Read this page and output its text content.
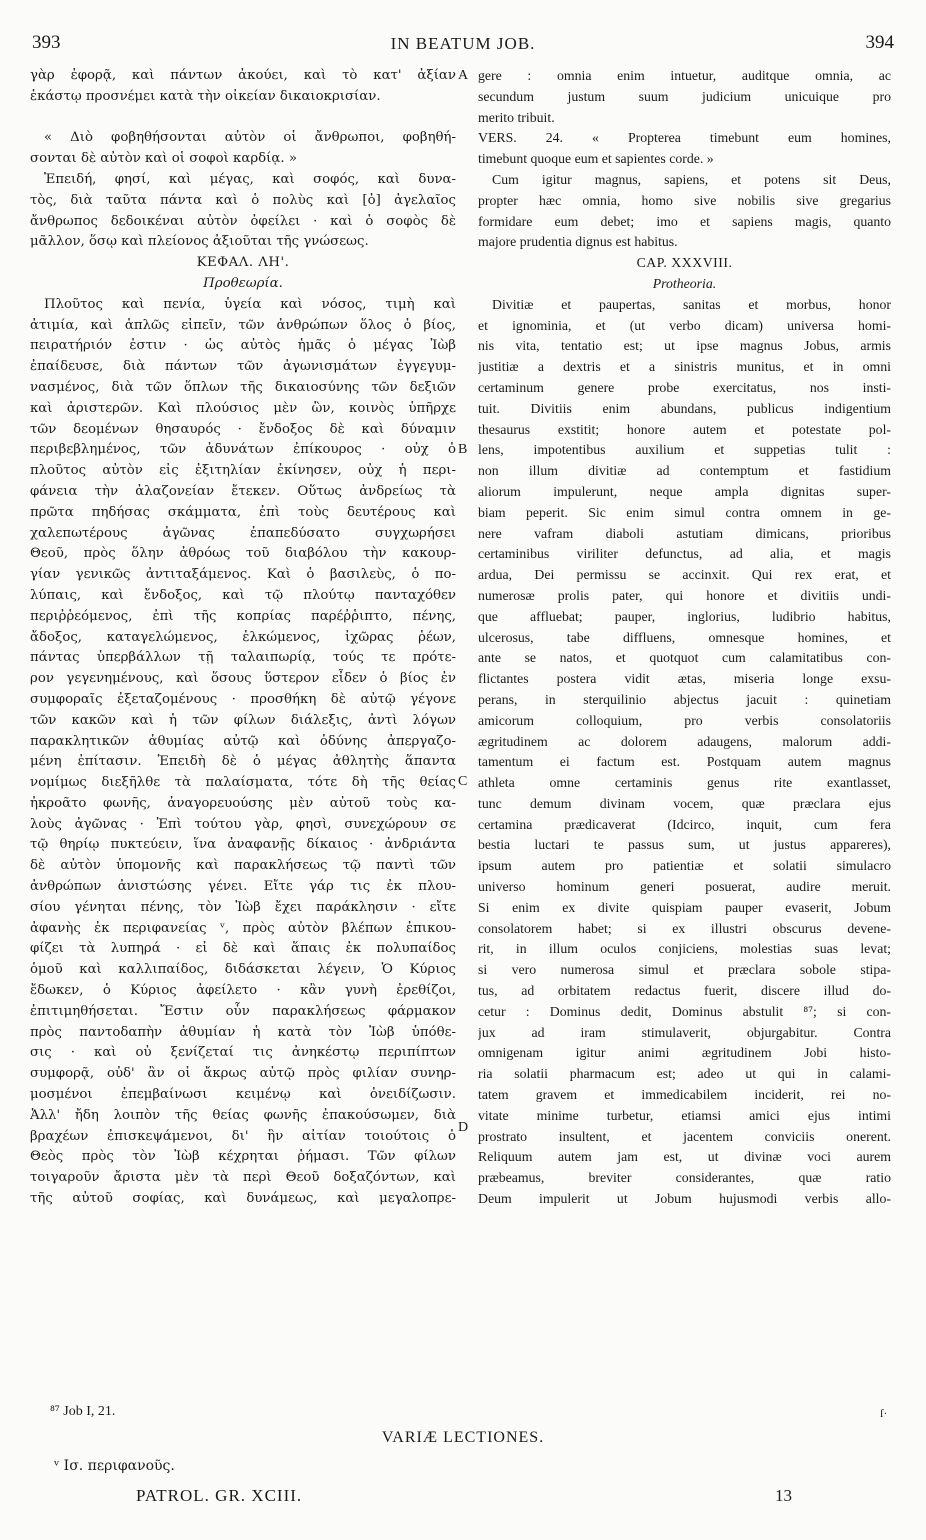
393	IN BEATUM JOB.	394
γὰρ ἐφορᾷ, καὶ πάντων ἀκούει, καὶ τὸ κατ' ἀξίαν
ἑκάστῳ προσνέμει κατὰ τὴν οἰκείαν δικαιοκρισίαν.
« Διὸ φοβηθήσονται αὐτὸν οἱ ἄνθρωποι, φοβηθή-
σονται δὲ αὐτὸν καὶ οἱ σοφοὶ καρδίᾳ. »
Ἐπειδή, φησί, καὶ μέγας, καὶ σοφός, καὶ δυνα-
τὸς, διὰ ταῦτα πάντα καὶ ὁ πολὺς καὶ [ὁ] ἀγελαῖος
ἄνθρωπος δεδοικέναι αὐτὸν ὀφείλει · καὶ ὁ σοφὸς δὲ
μᾶλλον, ὅσῳ καὶ πλείονος ἀξιοῦται τῆς γνώσεως.
ΚΕΦΑΛ. ΛΗ'.
Προθεωρία.
Πλοῦτος καὶ πενία, ὑγεία καὶ νόσος, τιμὴ καὶ
ἀτιμία, καὶ ἁπλῶς εἰπεῖν, τῶν ἀνθρώπων ὅλος ὁ βίος,
πειρατήριόν ἐστιν · ὡς αὐτὸς ἡμᾶς ὁ μέγας Ἰὼβ
ἐπαίδευσε, διὰ πάντων τῶν ἀγωνισμάτων ἐγγεγυμ-
νασμένος, διὰ τῶν ὅπλων τῆς δικαιοσύνης τῶν δεξιῶν
καὶ ἀριστερῶν. Καὶ πλούσιος μὲν ὢν, κοινὸς ὑπῆρχε
τῶν δεομένων θησαυρός · ἔνδοξος δὲ καὶ δύναμιν
περιβεβλημένος, τῶν ἀδυνάτων ἐπίκουρος · οὐχ ὁ
πλοῦτος αὐτὸν εἰς ἐξιτηλίαν ἐκίνησεν, οὐχ ἡ περι-
φάνεια τὴν ἀλαζονείαν ἔτεκεν. Οὕτως ἀνδρείως τὰ
πρῶτα πηδήσας σκάμματα, ἐπὶ τοὺς δευτέρους καὶ
χαλεπωτέρους ἀγῶνας ἐπαπεδύσατο συγχωρήσει
Θεοῦ, πρὸς ὅλην ἀθρόως τοῦ διαβόλου τὴν κακουρ-
γίαν γενικῶς ἀντιταξάμενος. Καὶ ὁ βασιλεὺς, ὁ πο-
λύπαις, καὶ ἔνδοξος, καὶ τῷ πλούτῳ πανταχόθεν
περιῤῥεόμενος, ἐπὶ τῆς κοπρίας παρέῤῥιπτο, πένης,
ἄδοξος, καταγελώμενος, ἑλκώμενος, ἰχῶρας ῥέων,
πάντας ὑπερβάλλων τῇ ταλαιπωρίᾳ, τούς τε πρότε-
ρον γεγενημένους, καὶ ὅσους ὕστερον εἶδεν ὁ βίος ἐν
συμφοραῖς ἐξεταζομένους · προσθήκη δὲ αὐτῷ γέγονε
τῶν κακῶν καὶ ἡ τῶν φίλων διάλεξις, ἀντὶ λόγων
παρακλητικῶν ἀθυμίας αὐτῷ καὶ ὀδύνης ἀπεργαζο-
μένη ἐπίτασιν. Ἐπειδὴ δὲ ὁ μέγας ἀθλητὴς ἅπαντα
νομίμως διεξῆλθε τὰ παλαίσματα, τότε δὴ τῆς θείας
ἠκροᾶτο φωνῆς, ἀναγορευούσης μὲν αὐτοῦ τοὺς κα-
λοὺς ἀγῶνας · Ἐπὶ τούτου γὰρ, φησὶ, συνεχώρουν σε
τῷ θηρίῳ πυκτεύειν, ἵνα ἀναφανῇς δίκαιος · ἀνδριάντα
δὲ αὐτὸν ὑπομονῆς καὶ παρακλήσεως τῷ παντὶ τῶν
ἀνθρώπων ἀνιστώσης γένει. Εἴτε γάρ τις ἐκ πλου-
σίου γένηται πένης, τὸν Ἰὼβ ἔχει παράκλησιν · εἴτε
ἀφανὴς ἐκ περιφανείας ᵛ, πρὸς αὐτὸν βλέπων ἐπικου-
φίζει τὰ λυπηρά · εἰ δὲ καὶ ἅπαις ἐκ πολυπαίδος
ὁμοῦ καὶ καλλιπαίδος, διδάσκεται λέγειν, Ὁ Κύριος
ἔδωκεν, ὁ Κύριος ἀφείλετο · κἂν γυνὴ ἐρεθίζοι,
ἐπιτιμηθήσεται. Ἔστιν οὖν παρακλήσεως φάρμακον
πρὸς παντοδαπὴν ἀθυμίαν ἡ κατὰ τὸν Ἰὼβ ὑπόθε-
σις · καὶ οὐ ξενίζεταί τις ἀνηκέστῳ περιπίπτων
συμφορᾷ, οὐδ' ἂν οἱ ἄκρως αὐτῷ πρὸς φιλίαν συνηρ-
μοσμένοι ἐπεμβαίνωσι κειμένῳ καὶ ὀνειδίζωσιν.
Ἀλλ' ἤδη λοιπὸν τῆς θείας φωνῆς ἐπακούσωμεν, διὰ
βραχέων ἐπισκεψάμενοι, δι' ἣν αἰτίαν τοιούτοις ὁ
Θεὸς πρὸς τὸν Ἰὼβ κέχρηται ῥήμασι. Τῶν φίλων
τοιγαροῦν ἄριστα μὲν τὰ περὶ Θεοῦ δοξαζόντων, καὶ
τῆς αὐτοῦ σοφίας, καὶ δυνάμεως, καὶ μεγαλοπρε-
gere : omnia enim intuetur, auditque omnia, ac
secundum justum suum judicium unicuique pro
merito tribuit.
VERS. 24. « Propterea timebunt eum homines,
timebunt quoque eum et sapientes corde. »
Cum igitur magnus, sapiens, et potens sit Deus,
propter hæc omnia, homo sive nobilis sive gregarius
formidare eum debet; imo et sapiens magis, quanto
majore prudentia dignus est habitus.
CAP. XXXVIII.
Protheoria.
Divitiæ et paupertas, sanitas et morbus, honor
et ignominia, et (ut verbo dicam) universa homi-
nis vita, tentatio est; ut ipse magnus Jobus, armis
justitiæ a dextris et a sinistris munitus, et in omni
certaminum genere probe exercitatus, nos insti-
tuit. Divitiis enim abundans, publicus indigentium
thesaurus exstitit; honore autem et potestate pol-
lens, impotentibus auxilium et suppetias tulit :
non illum divitiæ ad contemptum et fastidium
aliorum impulerunt, neque ampla dignitas super-
biam peperit. Sic enim simul contra omnem in ge-
nere vafram diaboli astutiam dimicans, prioribus
certaminibus viriliter defunctus, ad alia, et magis
ardua, Dei permissu se accinxit. Qui rex erat, et
numerosæ prolis pater, qui honore et divitiis undi-
que affluebat; pauper, inglorius, ludibrio habitus,
ulcerosus, tabe diffluens, omnesque homines, et
ante se natos, et quotquot cum calamitatibus con-
flictantes postera vidit ætas, miseria longe exsu-
perans, in sterquilinio abjectus jacuit : quinetiam
amicorum colloquium, pro verbis consolatoriis
ægritudinem ac dolorem adaugens, malorum addi-
tamentum ei factum est. Postquam autem magnus
athleta omne certaminis genus rite exantlasset,
tunc demum divinam vocem, quæ præclara ejus
certamina prædicaverat (Idcirco, inquit, cum fera
bestia luctari te passus sum, ut justus appareres),
ipsum autem pro patientiæ et solatii simulacro
universo hominum generi posuerat, audire meruit.
Si enim ex divite quispiam pauper evaserit, Jobum
consolatorem habet; si ex illustri obscurus devene-
rit, in illum oculos conjiciens, molestias suas levat;
si vero numerosa simul et præclara sobole stipa-
tus, ad orbitatem redactus fuerit, discere illud do-
cetur : Dominus dedit, Dominus abstulit ⁸⁷; si con-
jux ad iram stimulaverit, objurgabitur. Contra
omnigenam igitur animi ægritudinem Jobi histo-
ria solatii pharmacum est; adeo ut qui in calami-
tatem gravem et immedicabilem inciderit, rei no-
vitate minime turbetur, etiamsi amici ejus intimi
prostrato insultent, et jacentem conviciis onerent.
Reliquum autem jam est, ut divinæ voci aurem
præbeamus, breviter considerantes, quæ ratio
Deum impulerit ut Jobum hujusmodi verbis allo-
A
B
C
D
⁸⁷ Job I, 21.
VARIÆ LECTIONES.
ſ·
ᵛ Ισ. περιφανοῦς.
PATROL. GR. XCIII.	13
